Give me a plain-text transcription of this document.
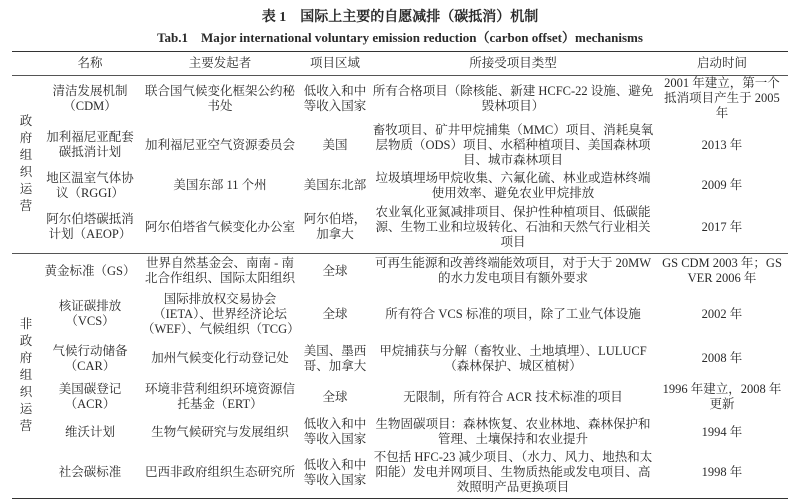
表 1　国际上主要的自愿减排（碳抵消）机制
Tab.1　Major international voluntary emission reduction（carbon offset）mechanisms
	名称	主要发起者	项目区域	所接受项目类型	启动时间

政府组织运营	清洁发展机制（CDM）	联合国气候变化框架公约秘书处	低收入和中等收入国家	所有合格项目（除核能、新建 HCFC-22 设施、避免毁林项目）	2001 年建立，第一个抵消项目产生于 2005 年
	加利福尼亚配套碳抵消计划	加利福尼亚空气资源委员会	美国	畜牧项目、矿井甲烷捕集（MMC）项目、消耗臭氧层物质（ODS）项目、水稻种植项目、美国森林项目、城市森林项目	2013 年
	地区温室气体协议（RGGI）	美国东部 11 个州	美国东北部	垃圾填埋场甲烷收集、六氟化硫、林业或造林终端使用效率、避免农业甲烷排放	2009 年
	阿尔伯塔碳抵消计划（AEOP）	阿尔伯塔省气候变化办公室	阿尔伯塔，加拿大	农业氧化亚氮减排项目、保护性种植项目、低碳能源、生物工业和垃圾转化、石油和天然气行业相关项目	2017 年

非政府组织运营	黄金标准（GS）	世界自然基金会、南南 - 南北合作组织、国际太阳组织	全球	可再生能源和改善终端能效项目，对于大于 20MW 的水力发电项目有额外要求	GS CDM 2003 年；GS VER 2006 年
	核证碳排放（VCS）	国际排放权交易协会（IETA）、世界经济论坛（WEF）、气候组织（TCG）	全球	所有符合 VCS 标准的项目，除了工业气体设施	2002 年
	气候行动储备（CAR）	加州气候变化行动登记处	美国、墨西哥、加拿大	甲烷捕获与分解（畜牧业、土地填埋）、LULUCF（森林保护、城区植树）	2008 年
	美国碳登记（ACR）	环境非营利组织环境资源信托基金（ERT）	全球	无限制，所有符合 ACR 技术标准的项目	1996 年建立，2008 年更新
	维沃计划	生物气候研究与发展组织	低收入和中等收入国家	生物固碳项目：森林恢复、农业林地、森林保护和管理、土壤保持和农业提升	1994 年
	社会碳标准	巴西非政府组织生态研究所	低收入和中等收入国家	不包括 HFC-23 减少项目、（水力、风力、地热和太阳能）发电并网项目、生物质热能或发电项目、高效照明产品更换项目	1998 年
